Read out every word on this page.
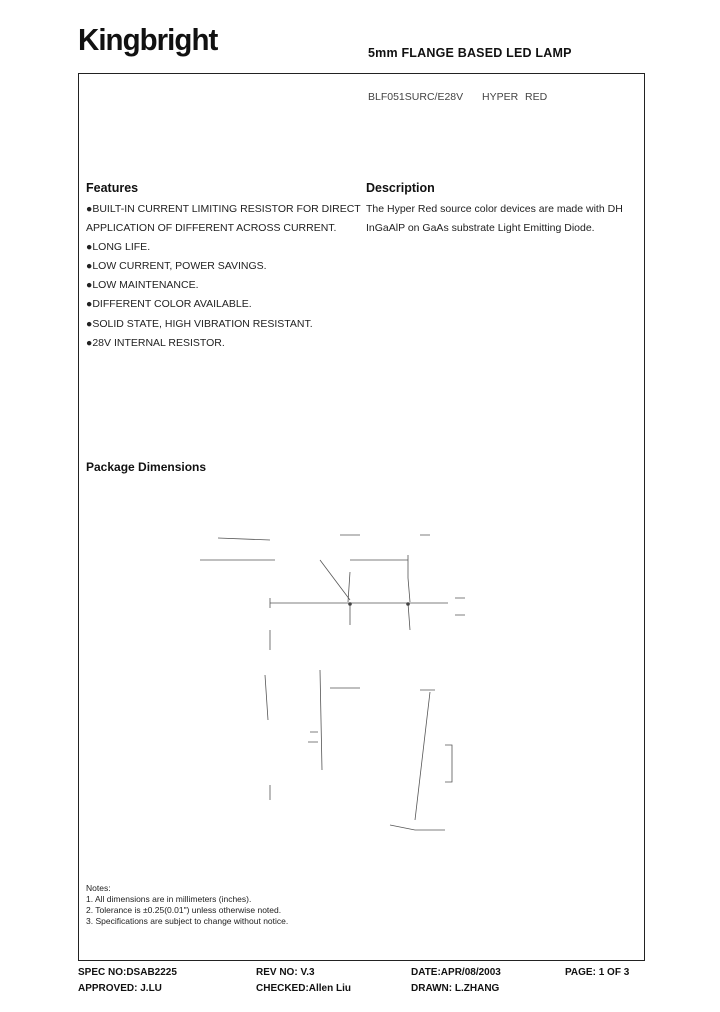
Kingbright	5mm FLANGE BASED LED LAMP
BLF051SURC/E28V HYPER RED
Features
●BUILT-IN CURRENT LIMITING RESISTOR FOR DIRECT
APPLICATION OF DIFFERENT ACROSS CURRENT.
●LONG LIFE.
●LOW CURRENT, POWER SAVINGS.
●LOW MAINTENANCE.
●DIFFERENT COLOR AVAILABLE.
●SOLID STATE, HIGH VIBRATION RESISTANT.
●28V INTERNAL RESISTOR.
Description
The Hyper Red source color devices are made with DH
InGaAlP on GaAs substrate Light Emitting Diode.
Package Dimensions
Notes:
1. All dimensions are in millimeters (inches).
2. Tolerance is ±0.25(0.01") unless otherwise noted.
3. Specifications are subject to change without notice.
SPEC NO:DSAB2225	REV NO: V.3	DATE:APR/08/2003	PAGE: 1 OF 3
APPROVED: J.LU	CHECKED:Allen Liu	DRAWN: L.ZHANG
